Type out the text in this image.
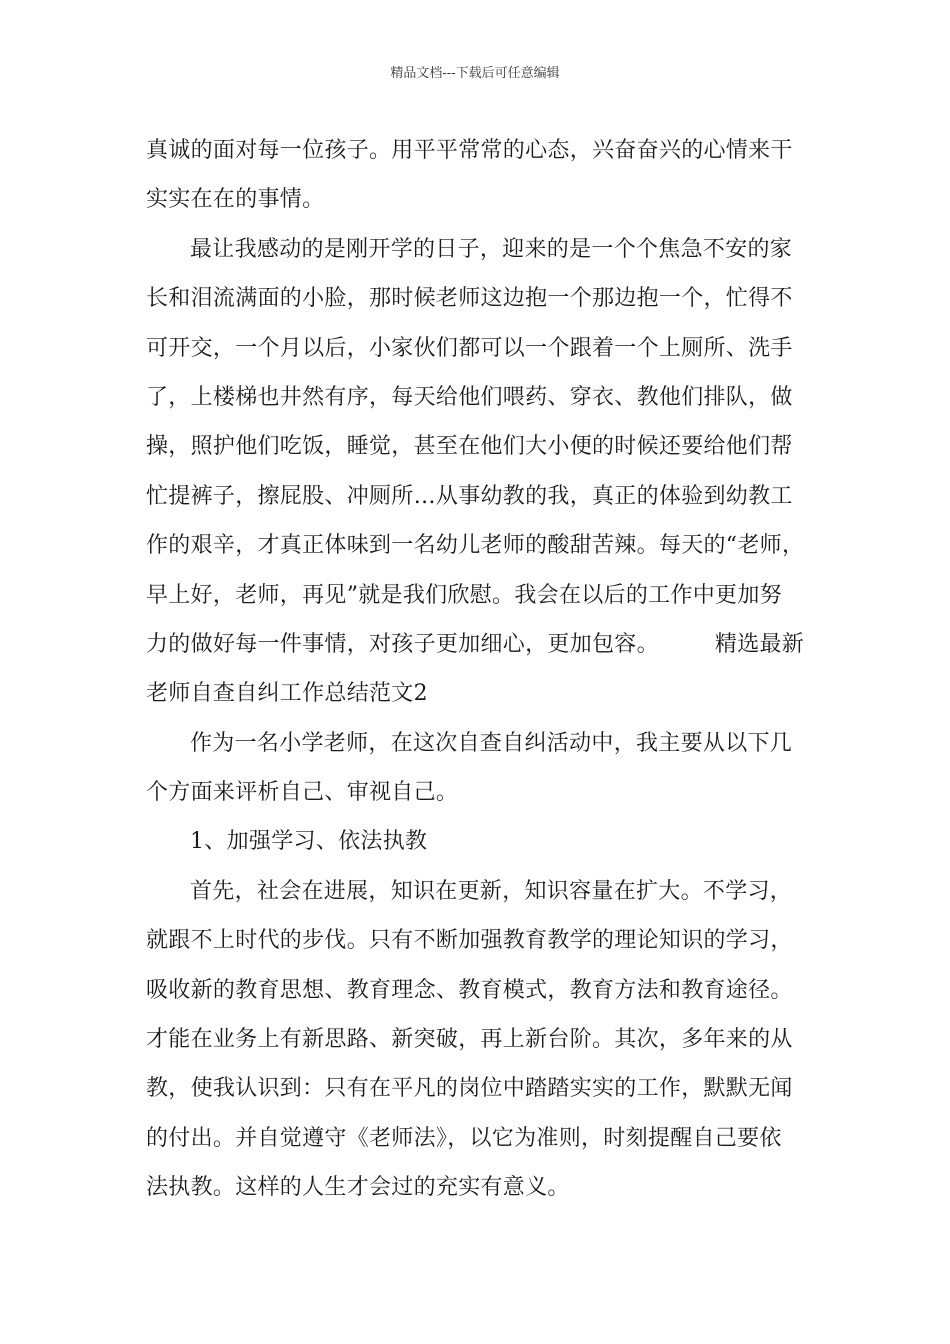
精品文档---下载后可任意编辑
真诚的面对每一位孩子。用平平常常的心态，兴奋奋兴的心情来干
实实在在的事情。
最让我感动的是刚开学的日子，迎来的是一个个焦急不安的家
长和泪流满面的小脸，那时候老师这边抱一个那边抱一个，忙得不
可开交，一个月以后，小家伙们都可以一个跟着一个上厕所、洗手
了，上楼梯也井然有序，每天给他们喂药、穿衣、教他们排队，做
操，照护他们吃饭，睡觉，甚至在他们大小便的时候还要给他们帮
忙提裤子，擦屁股、冲厕所…从事幼教的我，真正的体验到幼教工
作的艰辛，才真正体味到一名幼儿老师的酸甜苦辣。每天的“老师，
早上好，老师，再见”就是我们欣慰。我会在以后的工作中更加努
力的做好每一件事情，对孩子更加细心，更加包容。	精选最新
老师自查自纠工作总结范文2
作为一名小学老师，在这次自查自纠活动中，我主要从以下几
个方面来评析自己、审视自己。
1、加强学习、依法执教
首先，社会在进展，知识在更新，知识容量在扩大。不学习，
就跟不上时代的步伐。只有不断加强教育教学的理论知识的学习，
吸收新的教育思想、教育理念、教育模式，教育方法和教育途径。
才能在业务上有新思路、新突破，再上新台阶。其次，多年来的从
教，使我认识到：只有在平凡的岗位中踏踏实实的工作，默默无闻
的付出。并自觉遵守《老师法》，以它为准则，时刻提醒自己要依
法执教。这样的人生才会过的充实有意义。
